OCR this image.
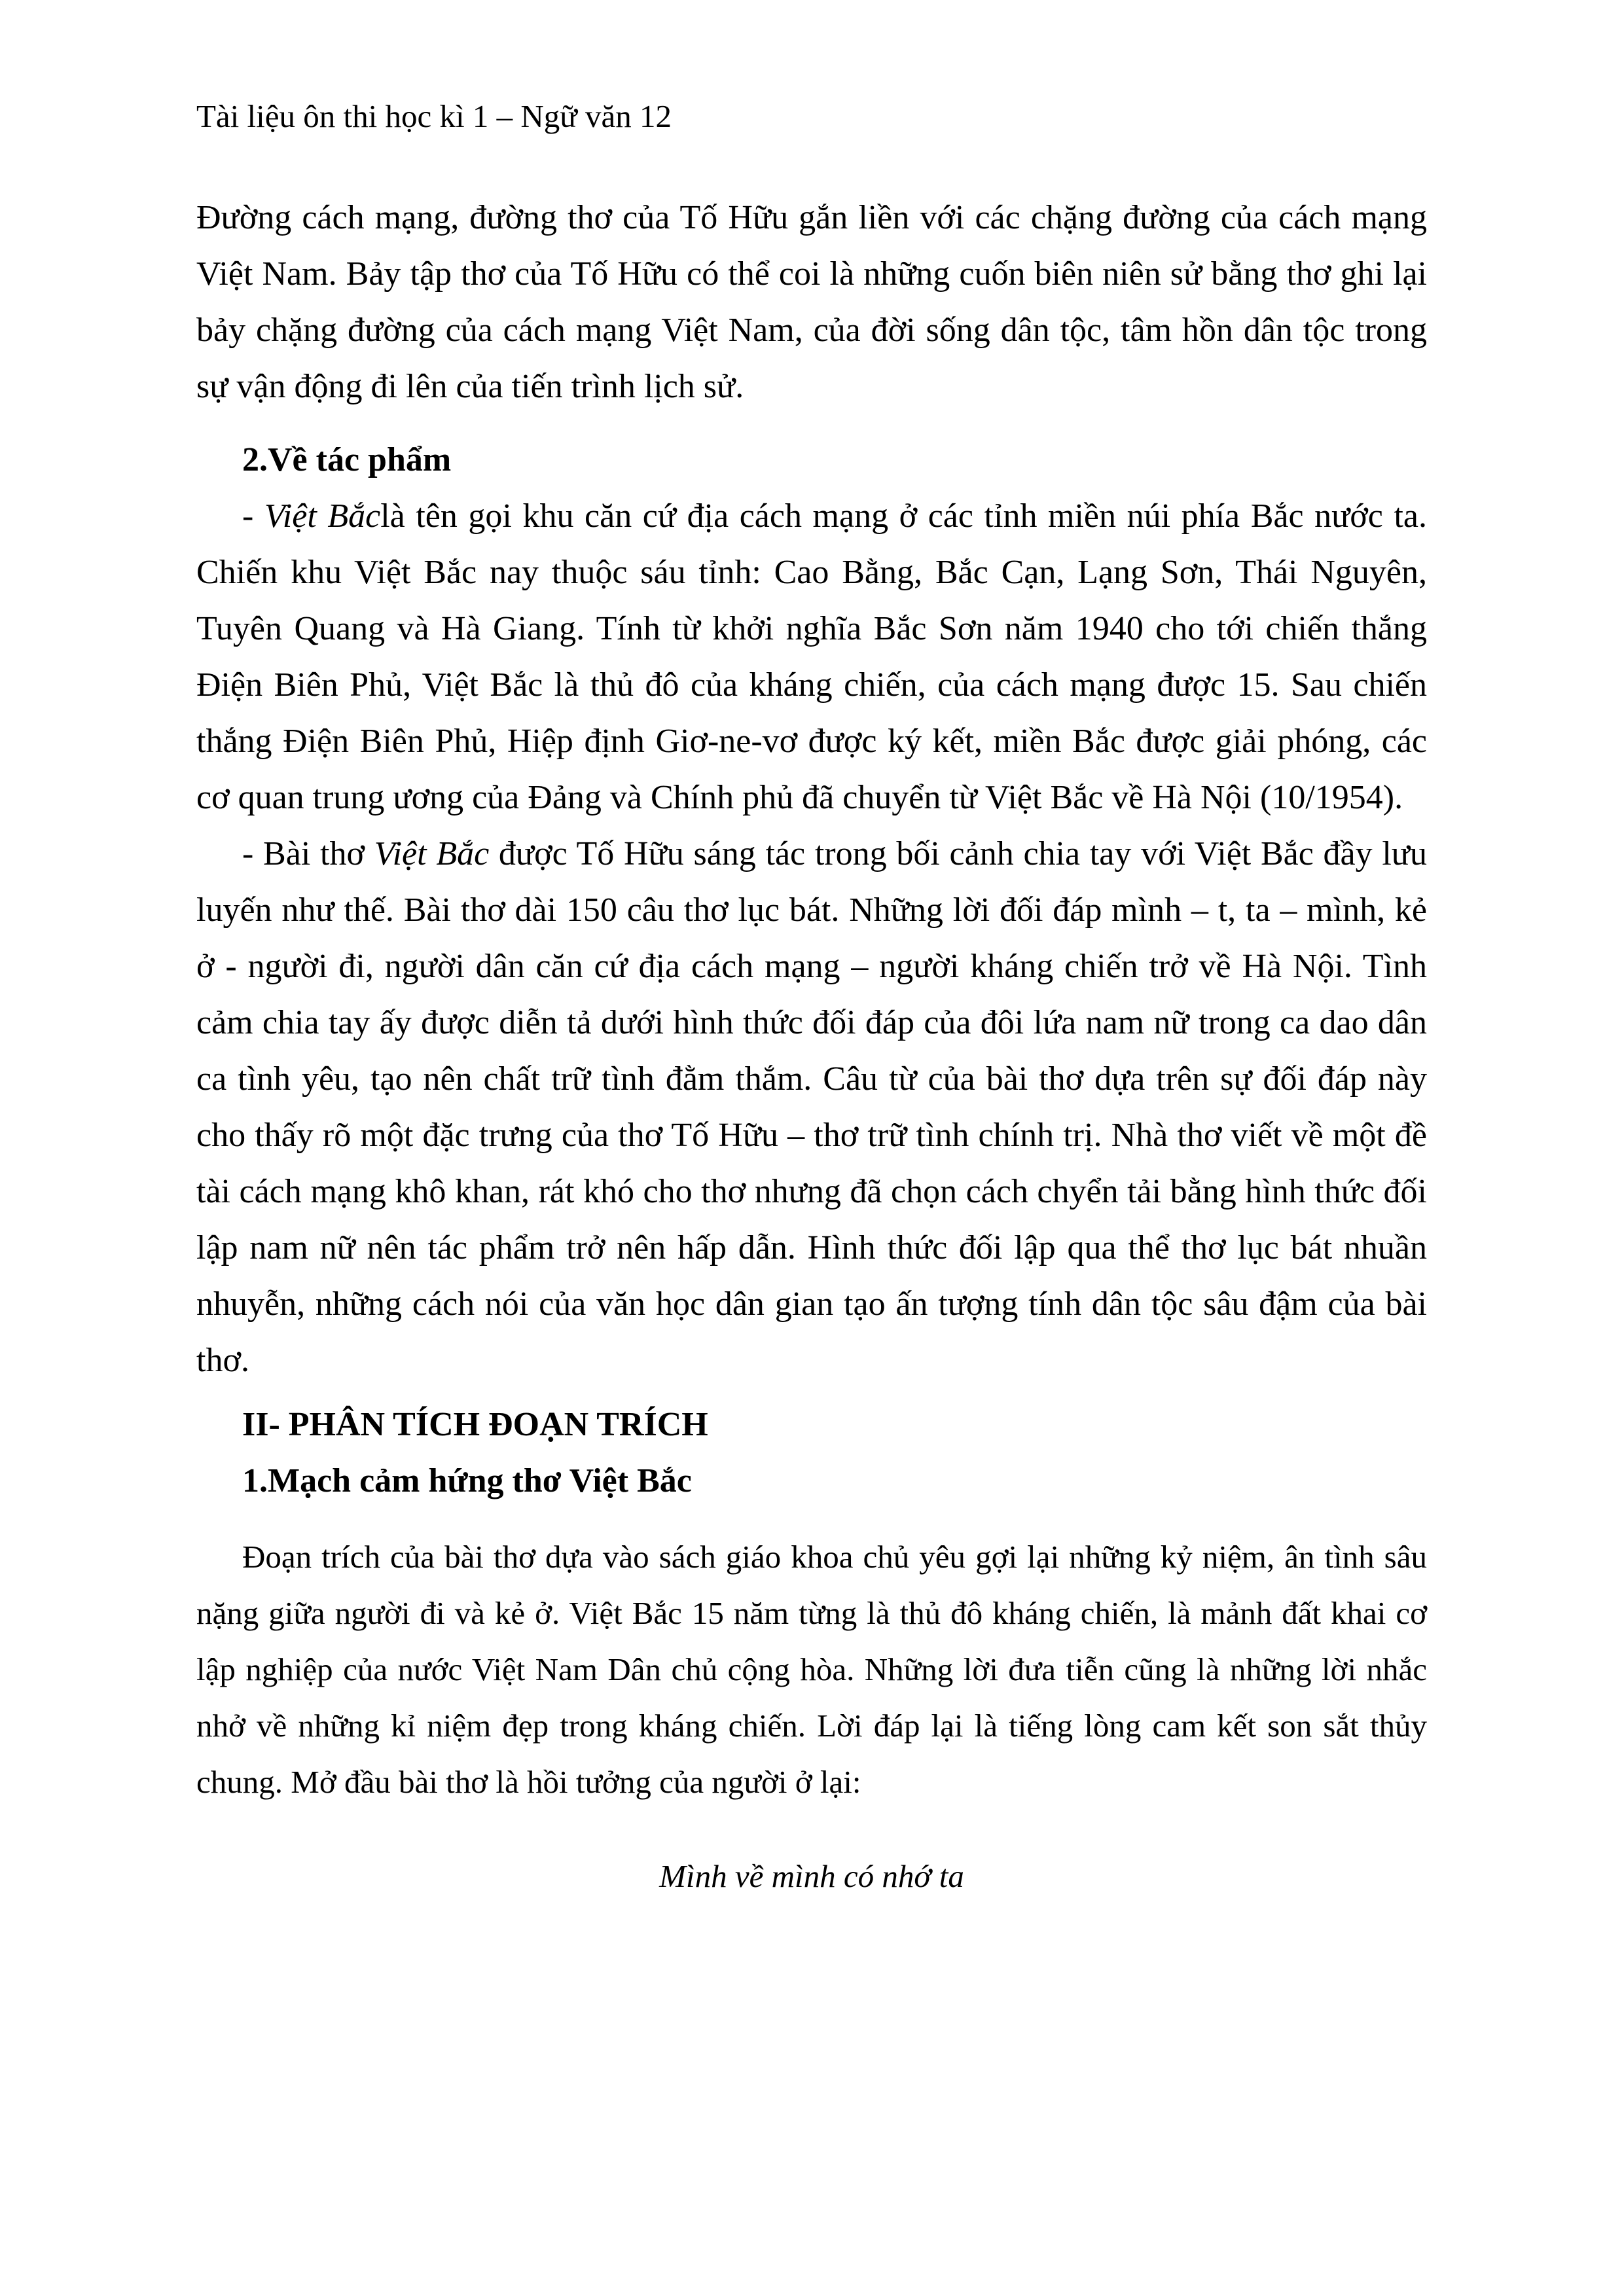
Tài liệu ôn thi học kì 1 – Ngữ văn 12

Đường cách mạng, đường thơ của Tố Hữu gắn liền với các chặng đường của cách mạng Việt Nam. Bảy tập thơ của Tố Hữu có thể coi là những cuốn biên niên sử bằng thơ ghi lại bảy chặng đường của cách mạng Việt Nam, của đời sống dân tộc, tâm hồn dân tộc trong sự vận động đi lên của tiến trình lịch sử.

2.Về tác phẩm

- Việt Bắclà tên gọi khu căn cứ địa cách mạng ở các tỉnh miền núi phía Bắc nước ta. Chiến khu Việt Bắc nay thuộc sáu tỉnh: Cao Bằng, Bắc Cạn, Lạng Sơn, Thái Nguyên, Tuyên Quang và Hà Giang. Tính từ khởi nghĩa Bắc Sơn năm 1940 cho tới chiến thắng Điện Biên Phủ, Việt Bắc là thủ đô của kháng chiến, của cách mạng được 15. Sau chiến thắng Điện Biên Phủ, Hiệp định Giơ-ne-vơ được ký kết, miền Bắc được giải phóng, các cơ quan trung ương của Đảng và Chính phủ đã chuyển từ Việt Bắc về Hà Nội (10/1954).

- Bài thơ Việt Bắc được Tố Hữu sáng tác trong bối cảnh chia tay với Việt Bắc đầy lưu luyến như thế. Bài thơ dài 150 câu thơ lục bát. Những lời đối đáp mình – t, ta – mình, kẻ ở - người đi, người dân căn cứ địa cách mạng – người kháng chiến trở về Hà Nội. Tình cảm chia tay ấy được diễn tả dưới hình thức đối đáp của đôi lứa nam nữ trong ca dao dân ca tình yêu, tạo nên chất trữ tình đằm thắm. Câu từ của bài thơ dựa trên sự đối đáp này cho thấy rõ một đặc trưng của thơ Tố Hữu – thơ trữ tình chính trị. Nhà thơ viết về một đề tài cách mạng khô khan, rát khó cho thơ nhưng đã chọn cách chyển tải bằng hình thức đối lập nam nữ nên tác phẩm trở nên hấp dẫn. Hình thức đối lập qua thể thơ lục bát nhuần nhuyễn, những cách nói của văn học dân gian tạo ấn tượng tính dân tộc sâu đậm của bài thơ.

II- PHÂN TÍCH ĐOẠN TRÍCH

1.Mạch cảm hứng thơ Việt Bắc

Đoạn trích của bài thơ dựa vào sách giáo khoa chủ yêu gợi lại những kỷ niệm, ân tình sâu nặng giữa người đi và kẻ ở. Việt Bắc 15 năm từng là thủ đô kháng chiến, là mảnh đất khai cơ lập nghiệp của nước Việt Nam Dân chủ cộng hòa. Những lời đưa tiễn cũng là những lời nhắc nhở về những kỉ niệm đẹp trong kháng chiến. Lời đáp lại là tiếng lòng cam kết son sắt thủy chung. Mở đầu bài thơ là hồi tưởng của người ở lại:

Mình về mình có nhớ ta
